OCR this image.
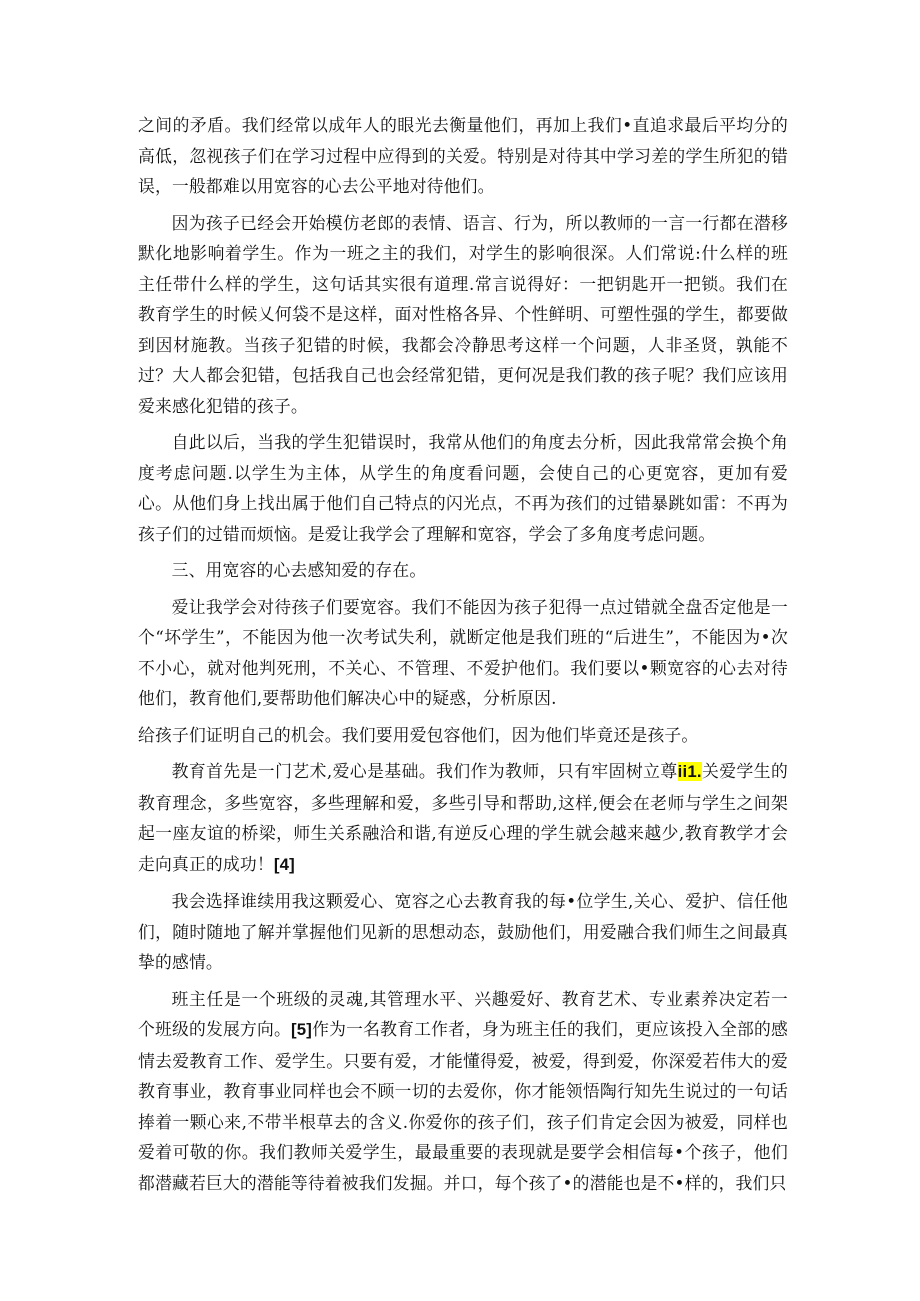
之间的矛盾。我们经常以成年人的眼光去衡量他们，再加上我们•直追求最后平均分的高低，忽视孩子们在学习过程中应得到的关爱。特别是对待其中学习差的学生所犯的错误，一般都难以用宽容的心去公平地对待他们。

因为孩子已经会开始模仿老郎的表情、语言、行为，所以教师的一言一行都在潜移默化地影响着学生。作为一班之主的我们，对学生的影响很深。人们常说:什么样的班主任带什么样的学生，这句话其实很有道理.常言说得好：一把钥匙开一把锁。我们在教育学生的时候乂何袋不是这样，面对性格各异、个性鲜明、可塑性强的学生，都要做到因材施教。当孩子犯错的时候，我都会冷静思考这样一个问题，人非圣贤，孰能不过？大人都会犯错，包括我自己也会经常犯错，更何况是我们教的孩子呢？我们应该用爱来感化犯错的孩子。

自此以后，当我的学生犯错误时，我常从他们的角度去分析，因此我常常会换个角度考虑问题.以学生为主体，从学生的角度看问题，会使自己的心更宽容，更加有爱心。从他们身上找出属于他们自己特点的闪光点，不再为孩们的过错暴跳如雷：不再为孩子们的过错而烦恼。是爱让我学会了理解和宽容，学会了多角度考虑问题。

三、用宽容的心去感知爱的存在。

爱让我学会对待孩子们要宽容。我们不能因为孩子犯得一点过错就全盘否定他是一个“坏学生”，不能因为他一次考试失利，就断定他是我们班的“后进生”，不能因为•次不小心，就对他判死刑，不关心、不管理、不爱护他们。我们要以•颗宽容的心去对待他们，教育他们,要帮助他们解决心中的疑惑，分析原因.

给孩子们证明自己的机会。我们要用爱包容他们，因为他们毕竟还是孩子。

教育首先是一门艺术,爱心是基础。我们作为教师，只有牢固树立尊ii1.关爱学生的教育理念，多些宽容，多些理解和爱，多些引导和帮助,这样,便会在老师与学生之间架起一座友谊的桥梁，师生关系融洽和谐,有逆反心理的学生就会越来越少,教育教学才会走向真正的成功！[4]

我会选择谁续用我这颗爱心、宽容之心去教育我的每•位学生,关心、爱护、信任他们，随时随地了解并掌握他们见新的思想动态，鼓励他们，用爱融合我们师生之间最真挚的感情。

班主任是一个班级的灵魂,其管理水平、兴趣爱好、教育艺术、专业素养决定若一个班级的发展方向。[5]作为一名教育工作者，身为班主任的我们，更应该投入全部的感情去爱教育工作、爱学生。只要有爱，才能懂得爱，被爱，得到爱，你深爱若伟大的爱教育事业，教育事业同样也会不顾一切的去爱你，你才能领悟陶行知先生说过的一句话捧着一颗心来,不带半根草去的含义.你爱你的孩子们，孩子们肯定会因为被爱，同样也爱着可敬的你。我们教师关爱学生，最最重要的表现就是要学会相信每•个孩子，他们都潜藏若巨大的潜能等待着被我们发掘。并口，每个孩了•的潜能也是不•样的，我们只
